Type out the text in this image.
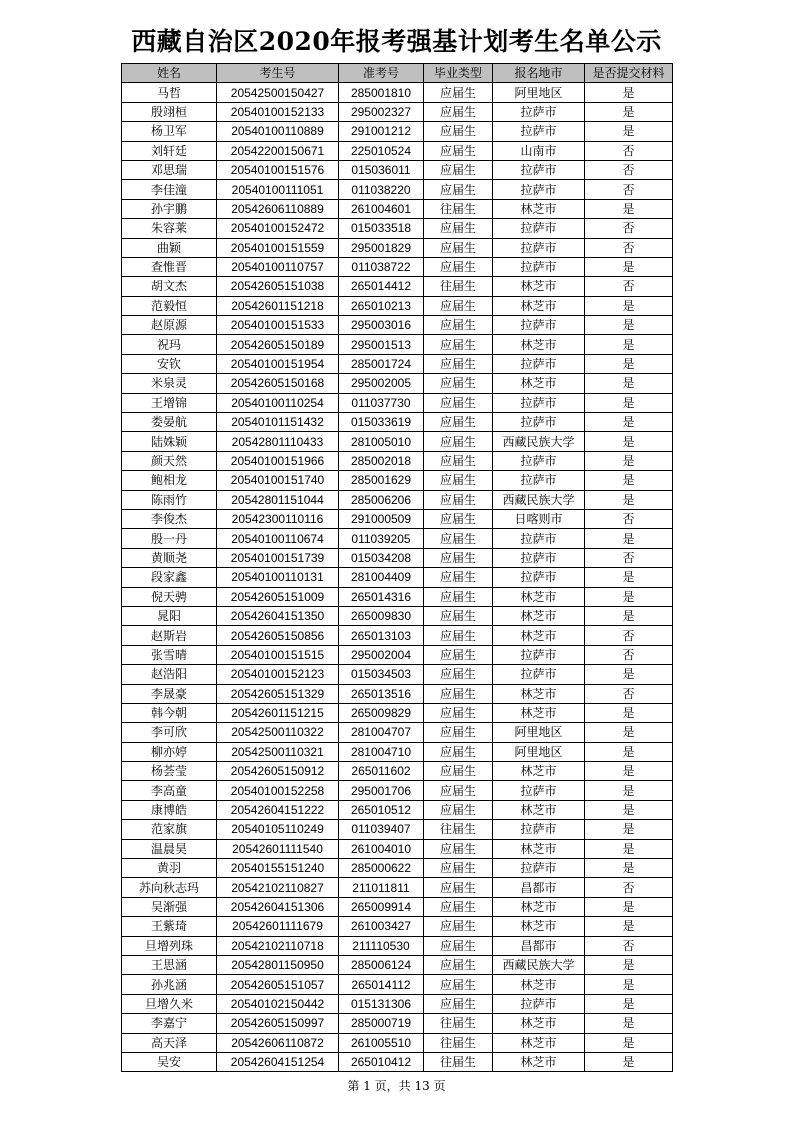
西藏自治区2020年报考强基计划考生名单公示
姓名	考生号	准考号	毕业类型	报名地市	是否提交材料
马哲	20542500150427	285001810	应届生	阿里地区	是
殷翊桓	20540100152133	295002327	应届生	拉萨市	是
杨卫军	20540100110889	291001212	应届生	拉萨市	是
刘轩廷	20542200150671	225010524	应届生	山南市	否
邓思瑞	20540100151576	015036011	应届生	拉萨市	否
李佳潼	20540100111051	011038220	应届生	拉萨市	否
孙宇鹏	20542606110889	261004601	往届生	林芝市	是
朱容莱	20540100152472	015033518	应届生	拉萨市	否
曲颖	20540100151559	295001829	应届生	拉萨市	否
查惟晋	20540100110757	011038722	应届生	拉萨市	是
胡文杰	20542605151038	265014412	往届生	林芝市	否
范毅恒	20542601151218	265010213	应届生	林芝市	是
赵原源	20540100151533	295003016	应届生	拉萨市	是
祝玛	20542605150189	295001513	应届生	林芝市	是
安钦	20540100151954	285001724	应届生	拉萨市	是
米泉灵	20542605150168	295002005	应届生	林芝市	是
王增锦	20540100110254	011037730	应届生	拉萨市	是
娄晏航	20540101151432	015033619	应届生	拉萨市	是
陆姝颖	20542801110433	281005010	应届生	西藏民族大学	是
颜天然	20540100151966	285002018	应届生	拉萨市	是
鲍相龙	20540100151740	285001629	应届生	拉萨市	是
陈雨竹	20542801151044	285006206	应届生	西藏民族大学	是
李俊杰	20542300110116	291000509	应届生	日喀则市	否
殷一丹	20540100110674	011039205	应届生	拉萨市	是
黄顺尧	20540100151739	015034208	应届生	拉萨市	否
段家鑫	20540100110131	281004409	应届生	拉萨市	是
倪天骋	20542605151009	265014316	应届生	林芝市	是
晁阳	20542604151350	265009830	应届生	林芝市	是
赵斯岩	20542605150856	265013103	应届生	林芝市	否
张雪晴	20540100151515	295002004	应届生	拉萨市	否
赵浩阳	20540100152123	015034503	应届生	拉萨市	是
李晟豪	20542605151329	265013516	应届生	林芝市	否
韩今朝	20542601151215	265009829	应届生	林芝市	是
李可欣	20542500110322	281004707	应届生	阿里地区	是
柳亦婷	20542500110321	281004710	应届生	阿里地区	是
杨荟莹	20542605150912	265011602	应届生	林芝市	是
李高童	20540100152258	295001706	应届生	拉萨市	是
康博皓	20542604151222	265010512	应届生	林芝市	是
范家旗	20540105110249	011039407	往届生	拉萨市	是
温晨昊	20542601111540	261004010	应届生	林芝市	是
黄羽	20540155151240	285000622	应届生	拉萨市	是
苏向秋志玛	20542102110827	211011811	应届生	昌都市	否
吴渐强	20542604151306	265009914	应届生	林芝市	是
王紫琦	20542601111679	261003427	应届生	林芝市	是
旦增列珠	20542102110718	211110530	应届生	昌都市	否
王思涵	20542801150950	285006124	应届生	西藏民族大学	是
孙兆涵	20542605151057	265014112	应届生	林芝市	是
旦增久米	20540102150442	015131306	应届生	拉萨市	是
李嘉宁	20542605150997	285000719	往届生	林芝市	是
高天泽	20542606110872	261005510	往届生	林芝市	是
吴安	20542604151254	265010412	往届生	林芝市	是
第 1 页，共 13 页
